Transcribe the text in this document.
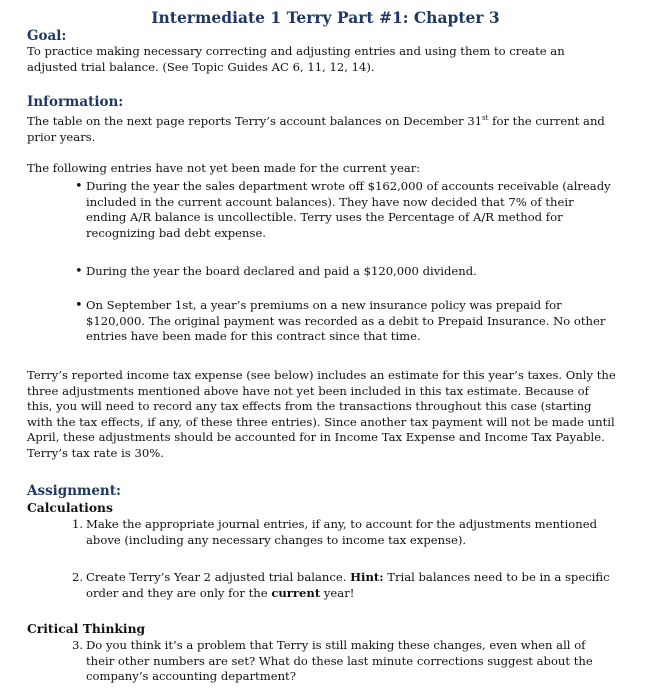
Intermediate 1 Terry Part #1: Chapter 3
Goal:
To practice making necessary correcting and adjusting entries and using them to create an adjusted trial balance. (See Topic Guides AC 6, 11, 12, 14).
Information:
The table on the next page reports Terry’s account balances on December 31st for the current and prior years.
The following entries have not yet been made for the current year:
• During the year the sales department wrote off $162,000 of accounts receivable (already included in the current account balances). They have now decided that 7% of their ending A/R balance is uncollectible. Terry uses the Percentage of A/R method for recognizing bad debt expense.
• During the year the board declared and paid a $120,000 dividend.
• On September 1st, a year’s premiums on a new insurance policy was prepaid for $120,000. The original payment was recorded as a debit to Prepaid Insurance. No other entries have been made for this contract since that time.
Terry’s reported income tax expense (see below) includes an estimate for this year’s taxes. Only the three adjustments mentioned above have not yet been included in this tax estimate. Because of this, you will need to record any tax effects from the transactions throughout this case (starting with the tax effects, if any, of these three entries). Since another tax payment will not be made until April, these adjustments should be accounted for in Income Tax Expense and Income Tax Payable. Terry’s tax rate is 30%.
Assignment:
Calculations
1. Make the appropriate journal entries, if any, to account for the adjustments mentioned above (including any necessary changes to income tax expense).
2. Create Terry’s Year 2 adjusted trial balance. Hint: Trial balances need to be in a specific order and they are only for the current year!
Critical Thinking
3. Do you think it’s a problem that Terry is still making these changes, even when all of their other numbers are set? What do these last minute corrections suggest about the company’s accounting department?
